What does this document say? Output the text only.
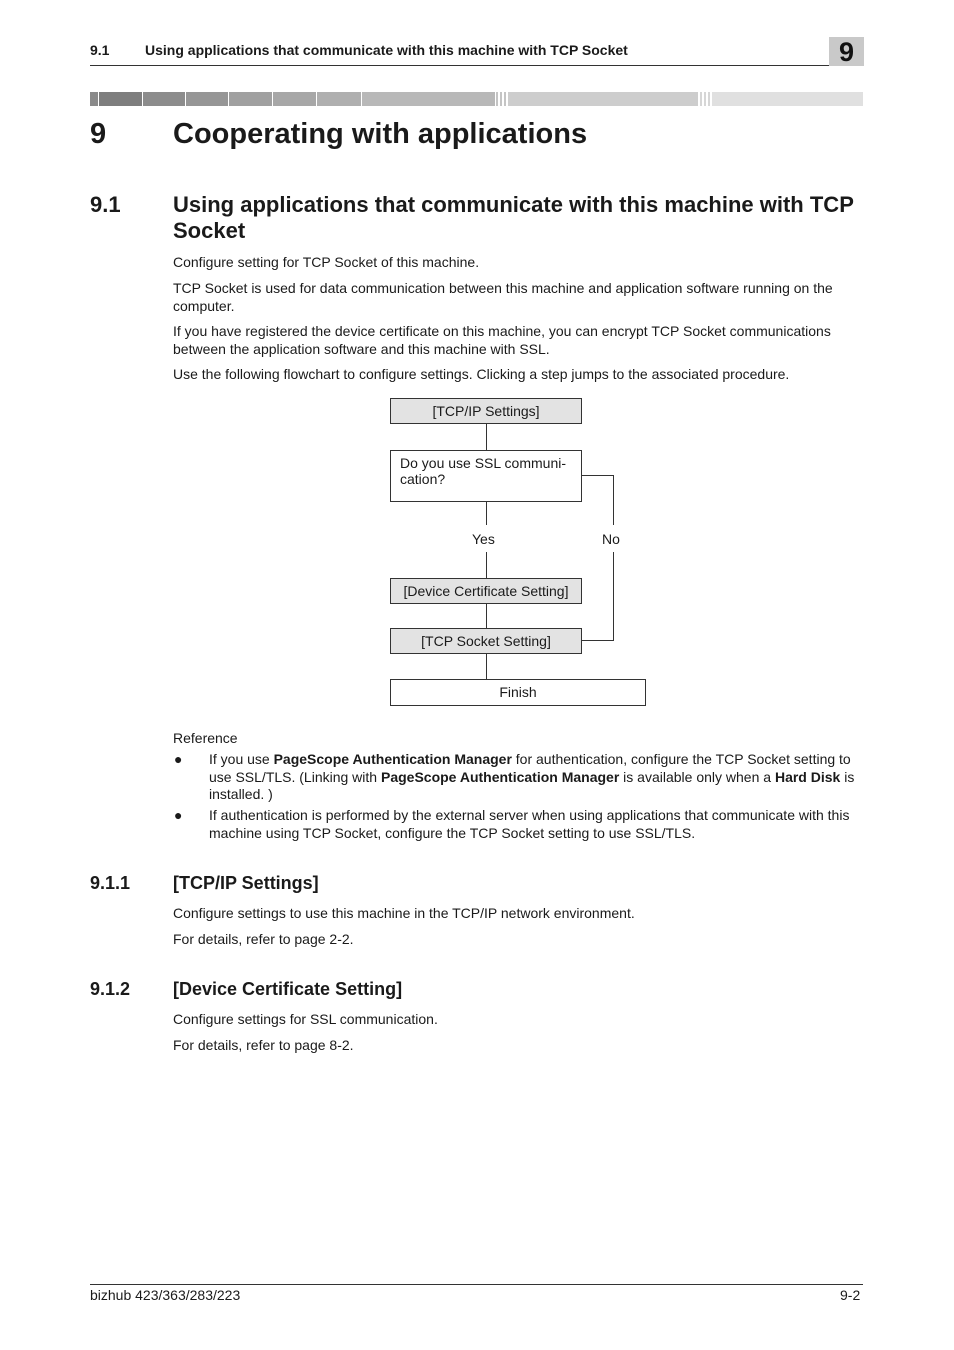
9.1	Using applications that communicate with this machine with TCP Socket	9
9 Cooperating with applications
9.1 Using applications that communicate with this machine with TCP Socket
Configure setting for TCP Socket of this machine.
TCP Socket is used for data communication between this machine and application software running on the computer.
If you have registered the device certificate on this machine, you can encrypt TCP Socket communications between the application software and this machine with SSL.
Use the following flowchart to configure settings. Clicking a step jumps to the associated procedure.
[TCP/IP Settings]
Do you use SSL communi-cation?
Yes	No
[Device Certificate Setting]
[TCP Socket Setting]
Finish
Reference
● If you use PageScope Authentication Manager for authentication, configure the TCP Socket setting to use SSL/TLS. (Linking with PageScope Authentication Manager is available only when a Hard Disk is installed. )
● If authentication is performed by the external server when using applications that communicate with this machine using TCP Socket, configure the TCP Socket setting to use SSL/TLS.
9.1.1 [TCP/IP Settings]
Configure settings to use this machine in the TCP/IP network environment.
For details, refer to page 2-2.
9.1.2 [Device Certificate Setting]
Configure settings for SSL communication.
For details, refer to page 8-2.
bizhub 423/363/283/223	9-2
